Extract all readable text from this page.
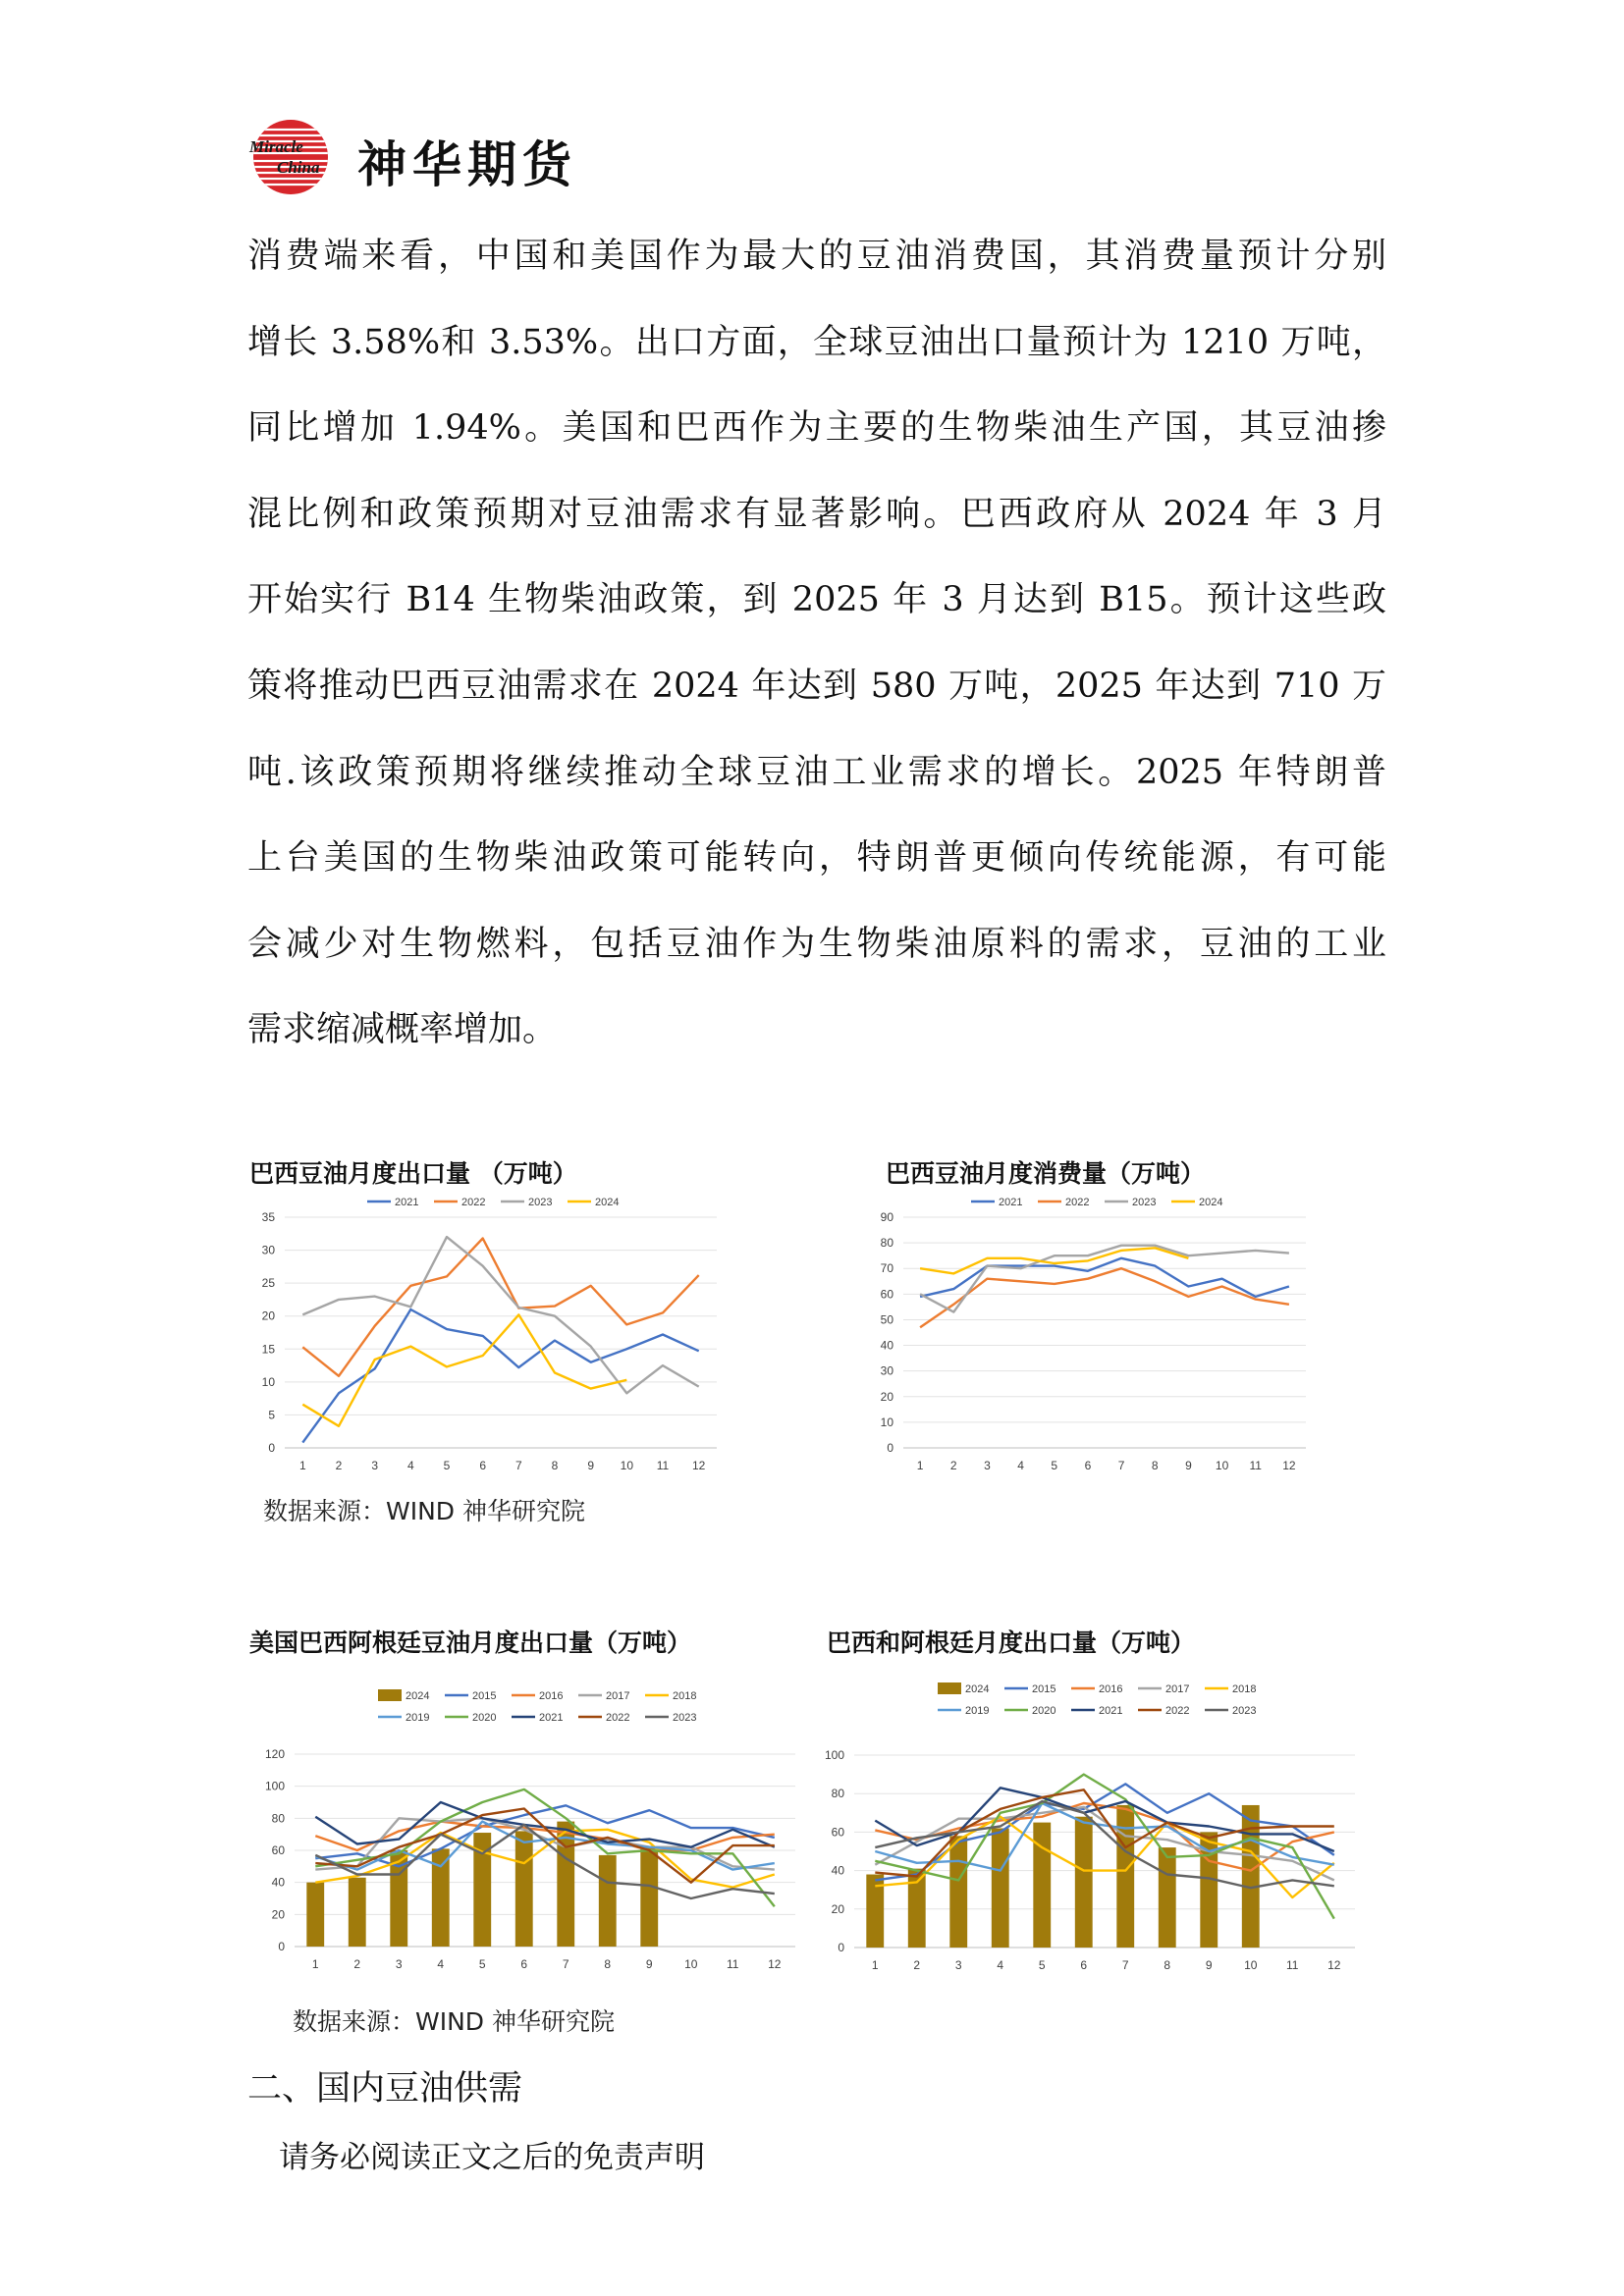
Miracle
China 神华期货
消费端来看，中国和美国作为最大的豆油消费国，其消费量预计分别
增长 3.58%和 3.53%。出口方面，全球豆油出口量预计为 1210 万吨，
同比增加 1.94%。美国和巴西作为主要的生物柴油生产国，其豆油掺
混比例和政策预期对豆油需求有显著影响。巴西政府从 2024 年 3 月
开始实行 B14 生物柴油政策，到 2025 年 3 月达到 B15。预计这些政
策将推动巴西豆油需求在 2024 年达到 580 万吨，2025 年达到 710 万
吨.该政策预期将继续推动全球豆油工业需求的增长。2025 年特朗普
上台美国的生物柴油政策可能转向，特朗普更倾向传统能源，有可能
会减少对生物燃料，包括豆油作为生物柴油原料的需求，豆油的工业
需求缩减概率增加。
巴西豆油月度出口量 （万吨）	巴西豆油月度消费量（万吨）
美国巴西阿根廷豆油月度出口量（万吨）	巴西和阿根廷月度出口量（万吨）
0
5
10
15
20
25
30
35
1 2 3 4 5 6 7 8 9 10 11 12
2021	2022	2023	2024
0
10
20
30
40
50
60
70
80
90
1 2 3 4 5 6 7 8 9 10 11 12
2021	2022	2023	2024
0
20
40
60
80
100
120
1	2	3	4	5	6	7	8	9	10 11 12
2024	2015	2016	2017	2018
2019	2020	2021	2022	2023
0
20
40
60
80
100
1	2	3	4	5	6	7	8	9	10 11 12
2024	2015	2016	2017	2018
2019	2020	2021	2022	2023
数据来源：WIND 神华研究院
数据来源：WIND 神华研究院
二、国内豆油供需
请务必阅读正文之后的免责声明
